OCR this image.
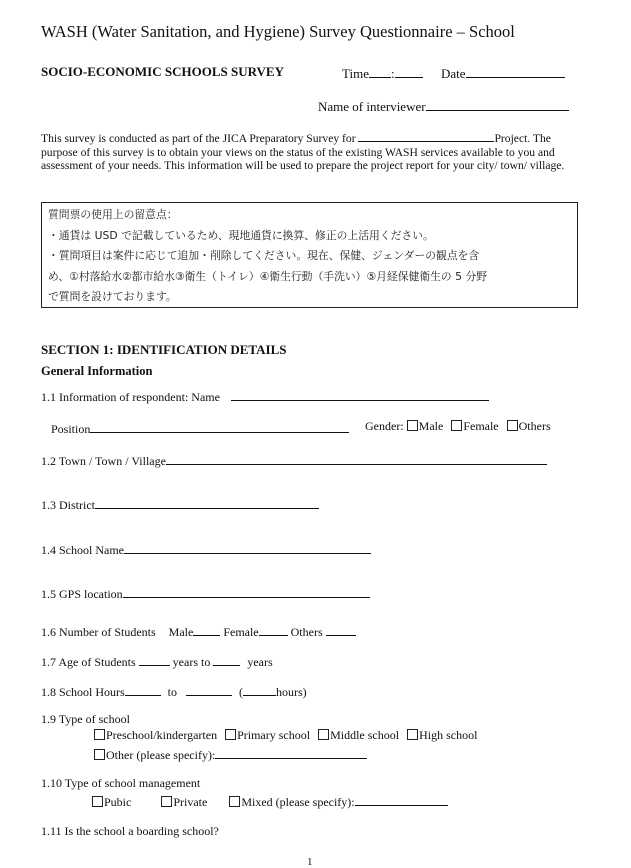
WASH (Water Sanitation, and Hygiene) Survey Questionnaire – School
SOCIO-ECONOMIC SCHOOLS SURVEY	Time :	Date
Name of interviewer
This survey is conducted as part of the JICA Preparatory Survey for	Project. The purpose of this survey is to obtain your views on the status of the existing WASH services available to you and assessment of your needs. This information will be used to prepare the project report for your city/ town/ village.
質問票の使用上の留意点：
・通貨は USD で記載しているため、現地通貨に換算、修正の上活用ください。
・質問項目は案件に応じて追加・削除してください。現在、保健、ジェンダーの観点を含
め、①村落給水②都市給水③衛生（トイレ）④衛生行動（手洗い）⑤月経保健衛生の 5 分野
で質問を設けております。
SECTION 1: IDENTIFICATION DETAILS
General Information
1.1 Information of respondent: Name
Position	Gender: Male Female Others
1.2 Town / Town / Village
1.3 District
1.4 School Name
1.5 GPS location
1.6 Number of Students Male	Female	Others
1.7 Age of Students	years to	years
1.8 School Hours	to	(	hours)
1.9 Type of school
Preschool/kindergarten Primary school Middle school High school
Other (please specify):
1.10 Type of school management
Pubic	Private	Mixed (please specify):
1.11 Is the school a boarding school?
1
